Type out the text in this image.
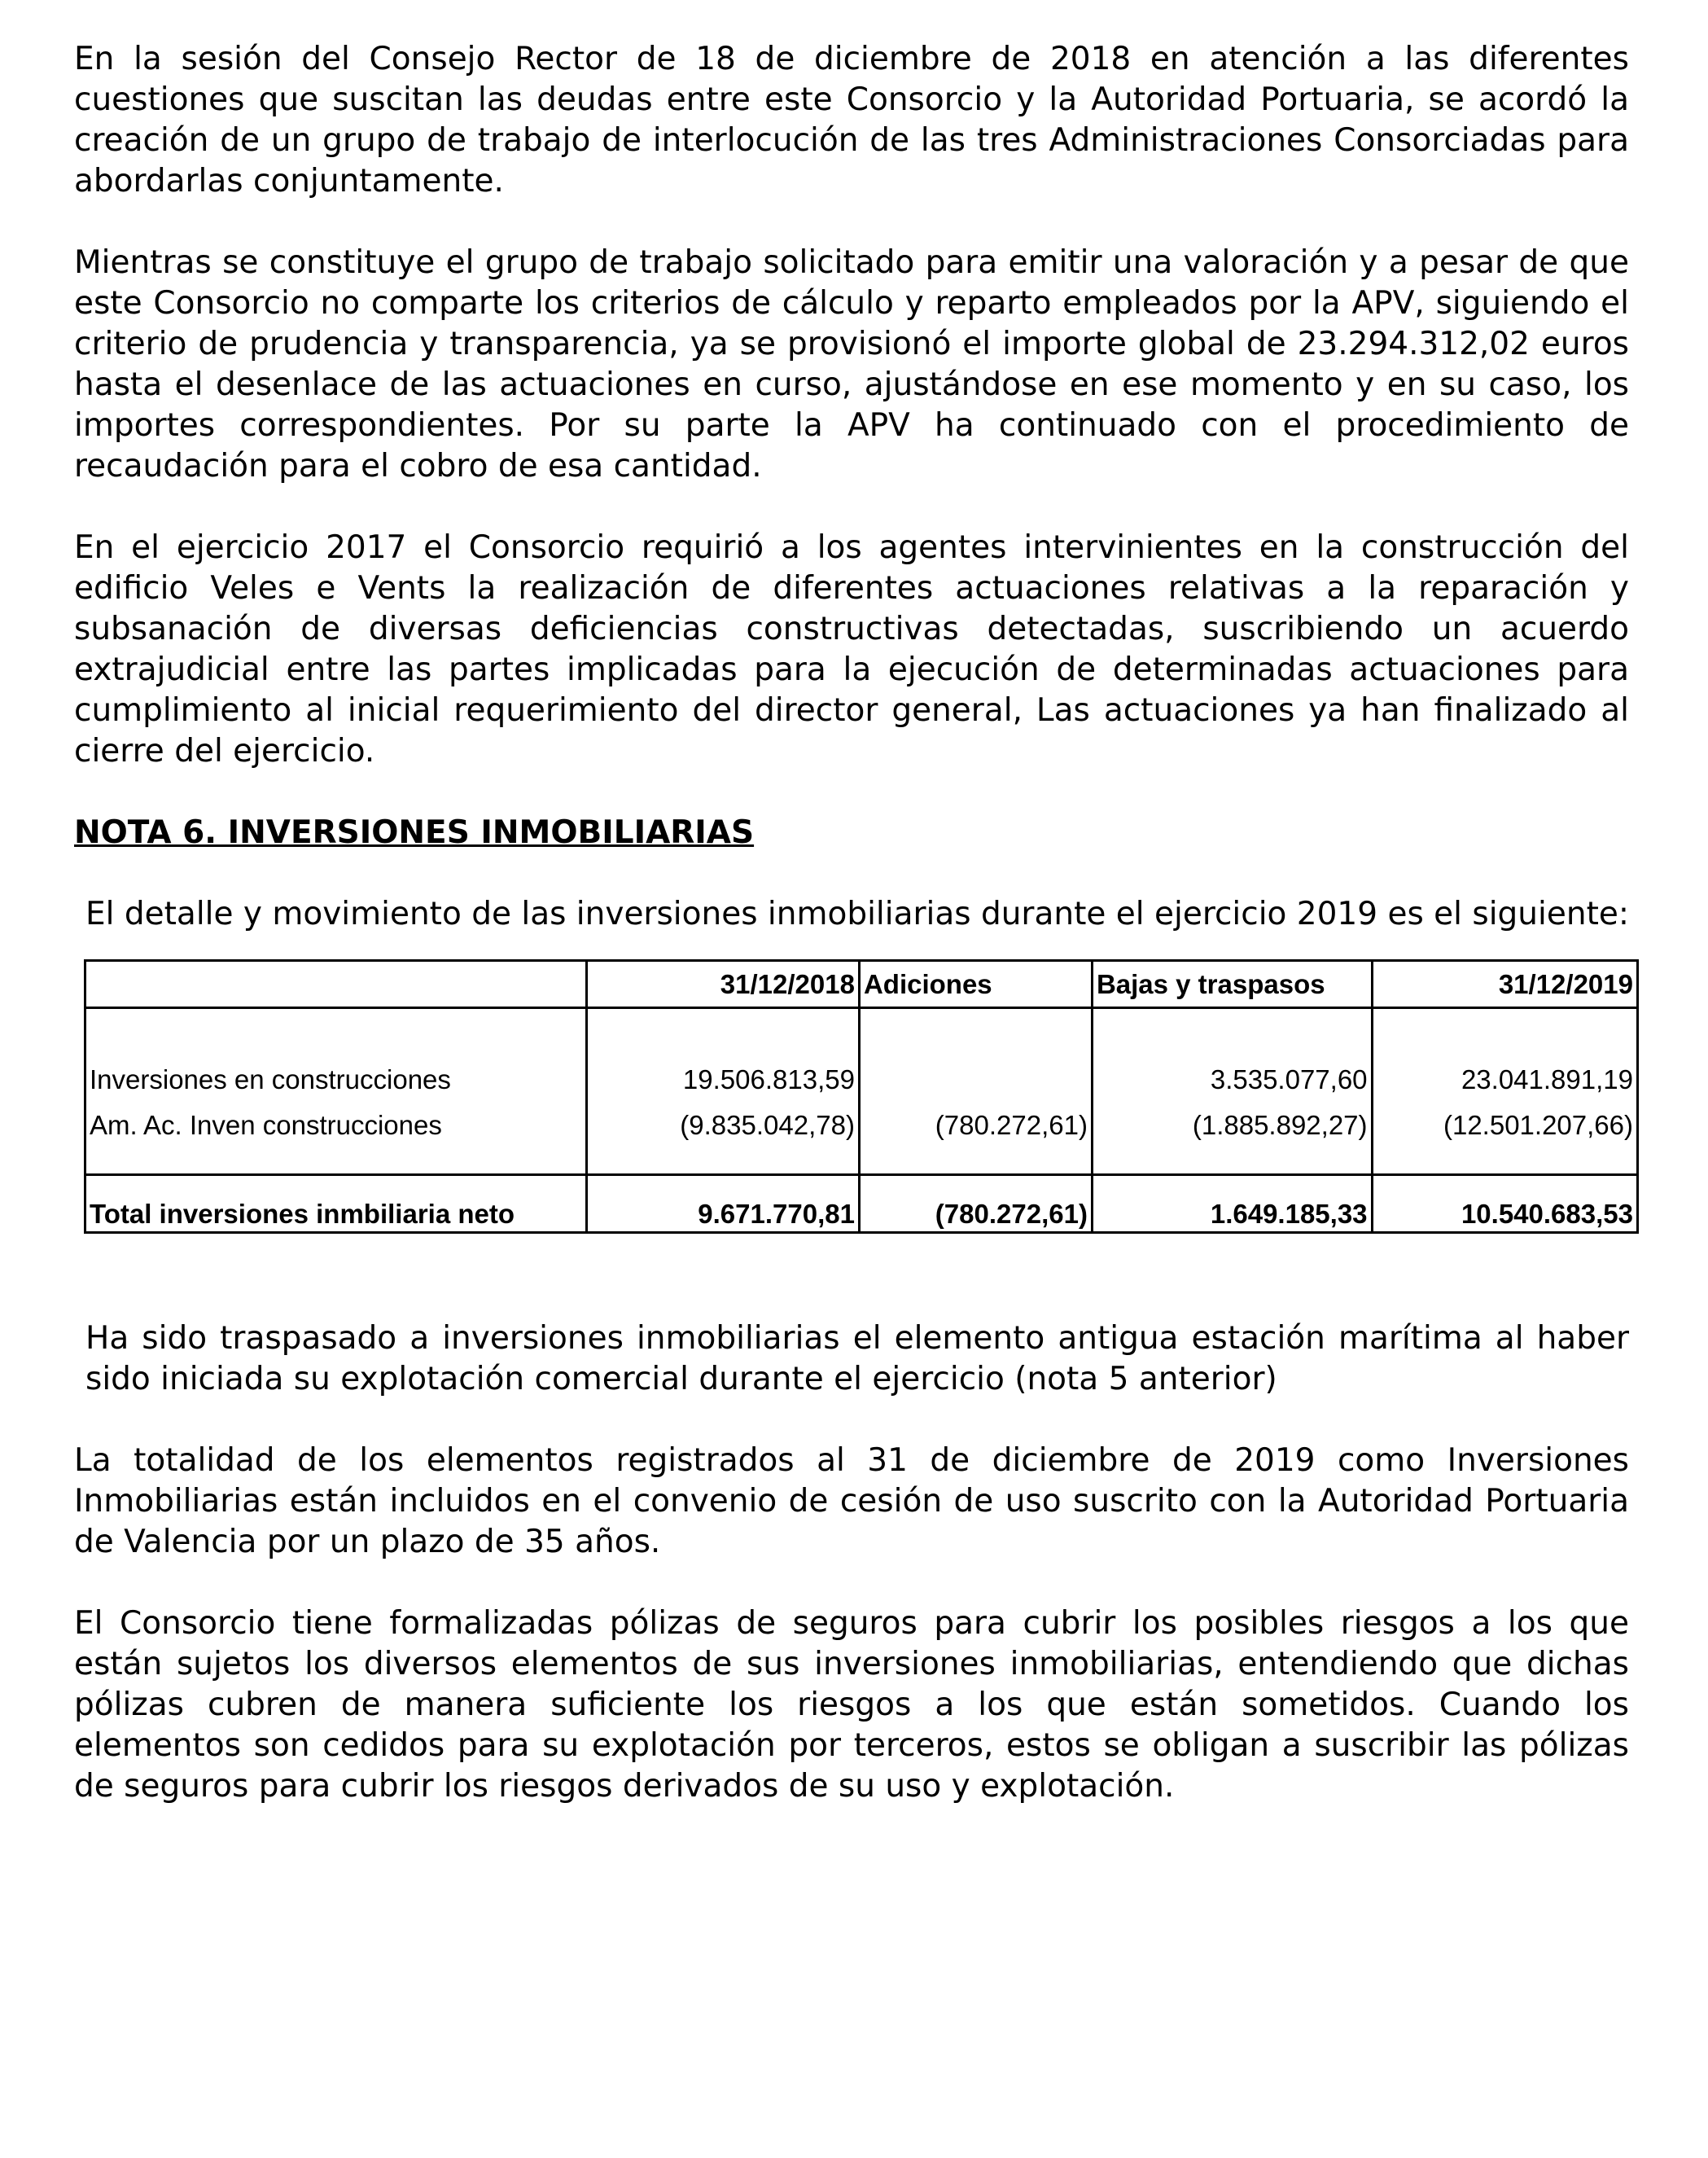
En la sesión del Consejo Rector de 18 de diciembre de 2018 en atención a las diferentes cuestiones que suscitan las deudas entre este Consorcio y la Autoridad Portuaria, se acordó la creación de un grupo de trabajo de interlocución de las tres Administraciones Consorciadas para abordarlas conjuntamente.

Mientras se constituye el grupo de trabajo solicitado para emitir una valoración y a pesar de que este Consorcio no comparte los criterios de cálculo y reparto empleados por la APV, siguiendo el criterio de prudencia y transparencia, ya se provisionó el importe global de 23.294.312,02 euros hasta el desenlace de las actuaciones en curso, ajustándose en ese momento y en su caso, los importes correspondientes. Por su parte la APV ha continuado con el procedimiento de recaudación para el cobro de esa cantidad.

En el ejercicio 2017 el Consorcio requirió a los agentes intervinientes en la construcción del edificio Veles e Vents la realización de diferentes actuaciones relativas a la reparación y subsanación de diversas deficiencias constructivas detectadas, suscribiendo un acuerdo extrajudicial entre las partes implicadas para la ejecución de determinadas actuaciones para cumplimiento al inicial requerimiento del director general, Las actuaciones ya han finalizado al cierre del ejercicio.

NOTA 6. INVERSIONES INMOBILIARIAS

El detalle y movimiento de las inversiones inmobiliarias durante el ejercicio 2019 es el siguiente:

	31/12/2018	Adiciones	Bajas y traspasos	31/12/2019

Inversiones en construcciones	19.506.813,59		3.535.077,60	23.041.891,19
Am. Ac. Inven construcciones	(9.835.042,78)	(780.272,61)	(1.885.892,27)	(12.501.207,66)

Total inversiones inmbiliaria neto	9.671.770,81	(780.272,61)	1.649.185,33	10.540.683,53

Ha sido traspasado a inversiones inmobiliarias el elemento antigua estación marítima al haber sido iniciada su explotación comercial durante el ejercicio (nota 5 anterior)

La totalidad de los elementos registrados al 31 de diciembre de 2019 como Inversiones Inmobiliarias están incluidos en el convenio de cesión de uso suscrito con la Autoridad Portuaria de Valencia por un plazo de 35 años.

El Consorcio tiene formalizadas pólizas de seguros para cubrir los posibles riesgos a los que están sujetos los diversos elementos de sus inversiones inmobiliarias, entendiendo que dichas pólizas cubren de manera suficiente los riesgos a los que están sometidos. Cuando los elementos son cedidos para su explotación por terceros, estos se obligan a suscribir las pólizas de seguros para cubrir los riesgos derivados de su uso y explotación.
